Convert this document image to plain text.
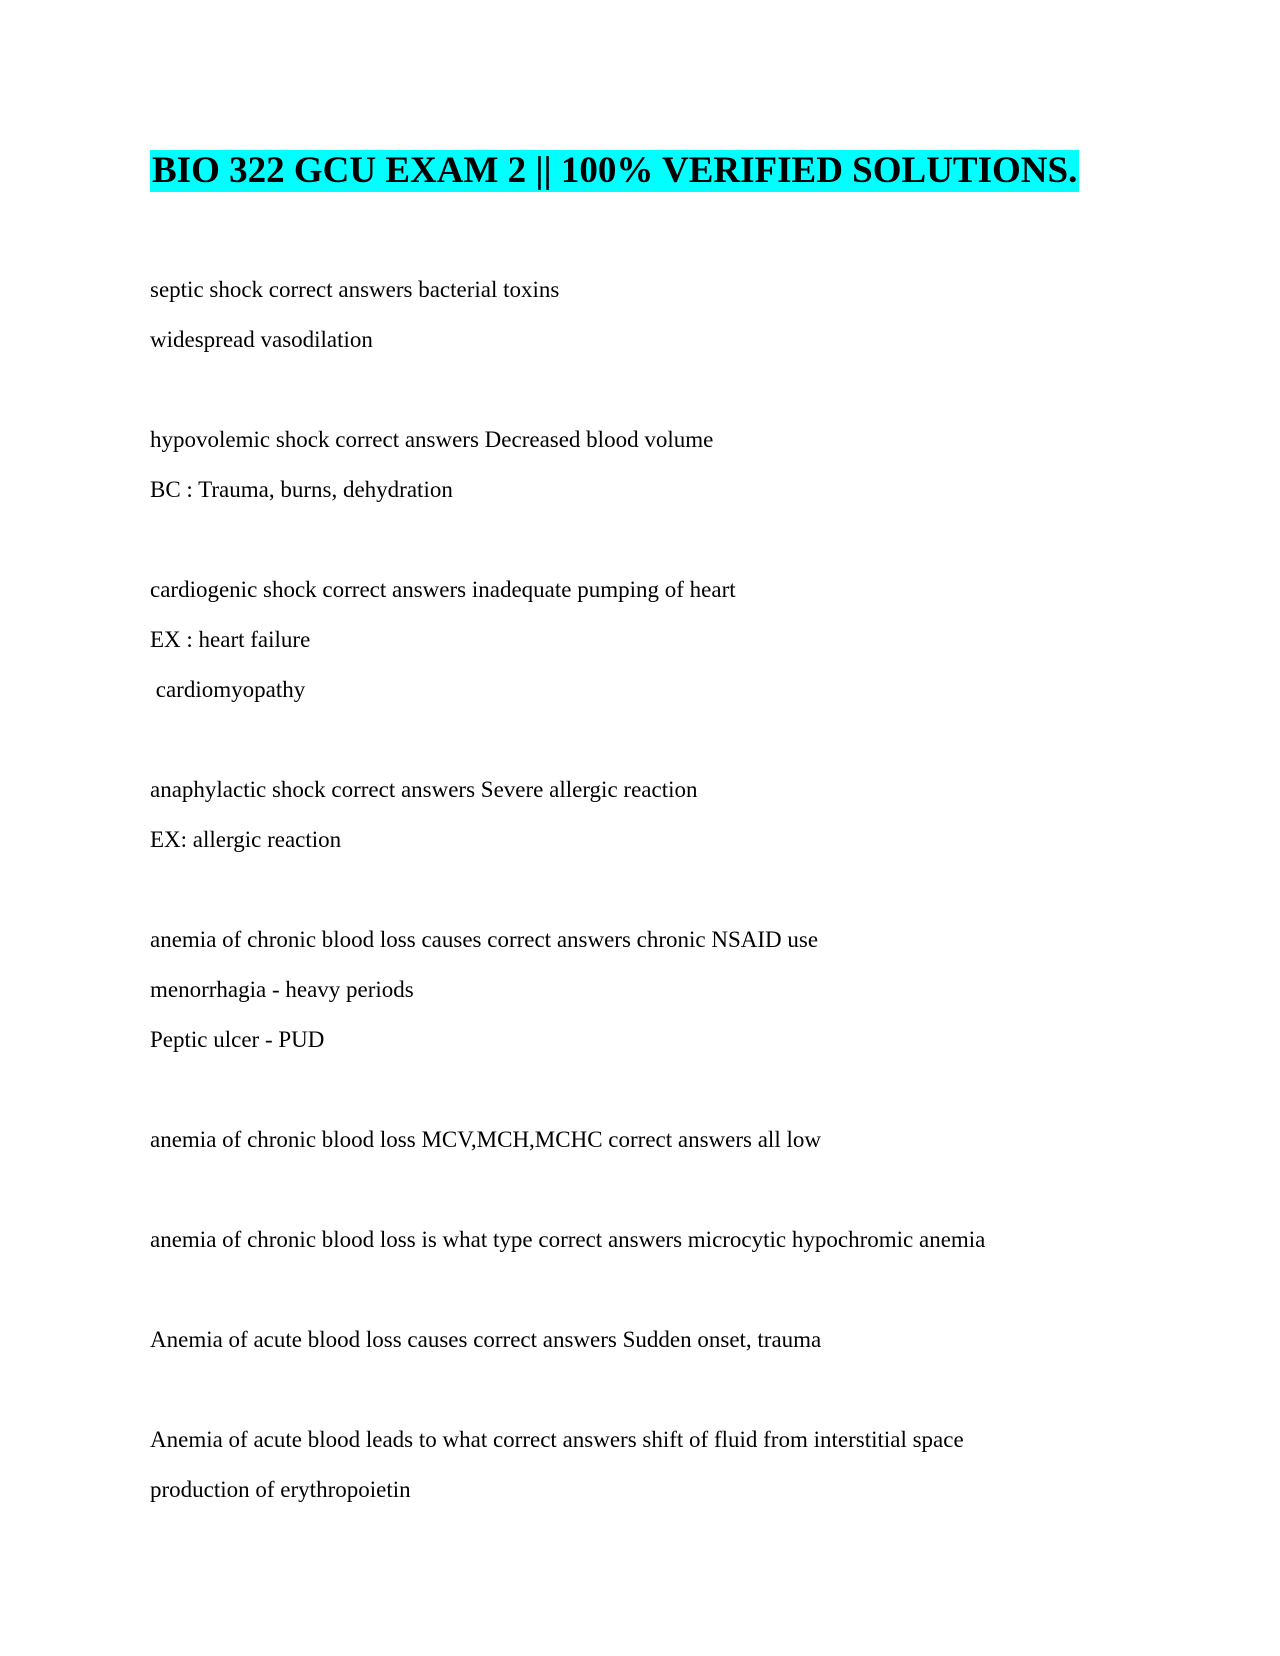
BIO 322 GCU EXAM 2 || 100% VERIFIED SOLUTIONS.
septic shock correct answers bacterial toxins
widespread vasodilation
hypovolemic shock correct answers Decreased blood volume
BC : Trauma, burns, dehydration
cardiogenic shock correct answers inadequate pumping of heart
EX : heart failure
cardiomyopathy
anaphylactic shock correct answers Severe allergic reaction
EX: allergic reaction
anemia of chronic blood loss causes correct answers chronic NSAID use
menorrhagia - heavy periods
Peptic ulcer - PUD
anemia of chronic blood loss MCV,MCH,MCHC correct answers all low
anemia of chronic blood loss is what type correct answers microcytic hypochromic anemia
Anemia of acute blood loss causes correct answers Sudden onset, trauma
Anemia of acute blood leads to what correct answers shift of fluid from interstitial space
production of erythropoietin
